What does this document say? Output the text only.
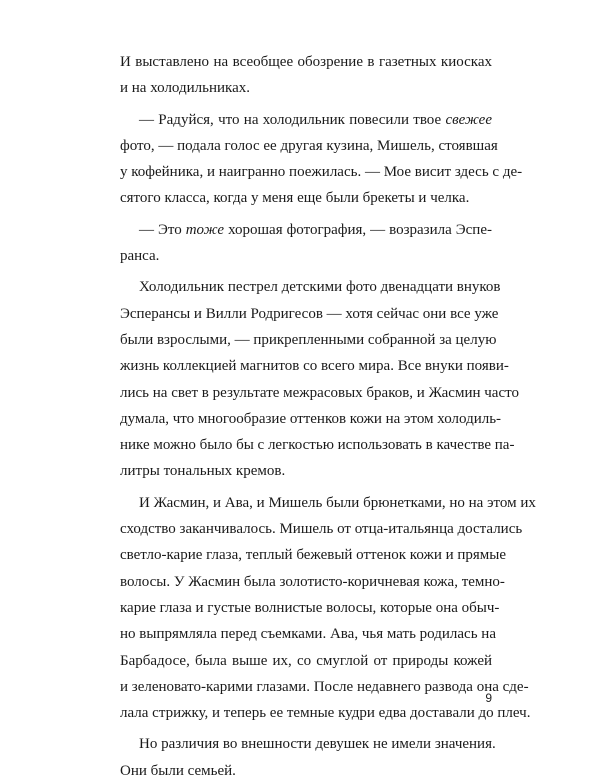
И выставлено на всеобщее обозрение в газетных киосках
и на холодильниках.
— Радуйся, что на холодильник повесили твое свежее
фото, — подала голос ее другая кузина, Мишель, стоявшая
у кофейника, и наигранно поежилась. — Мое висит здесь с де-
сятого класса, когда у меня еще были брекеты и челка.
— Это тоже хорошая фотография, — возразила Эспе-
ранса.
Холодильник пестрел детскими фото двенадцати внуков
Эсперансы и Вилли Родригесов — хотя сейчас они все уже
были взрослыми, — прикрепленными собранной за целую
жизнь коллекцией магнитов со всего мира. Все внуки появи-
лись на свет в результате межрасовых браков, и Жасмин часто
думала, что многообразие оттенков кожи на этом холодиль-
нике можно было бы с легкостью использовать в качестве па-
литры тональных кремов.
И Жасмин, и Ава, и Мишель были брюнетками, но на этом их
сходство заканчивалось. Мишель от отца-итальянца достались
светло-карие глаза, теплый бежевый оттенок кожи и прямые
волосы. У Жасмин была золотисто-коричневая кожа, темно-
карие глаза и густые волнистые волосы, которые она обыч-
но выпрямляла перед съемками. Ава, чья мать родилась на
Барбадосе, была выше их, со смуглой от природы кожей
и зеленовато-карими глазами. После недавнего развода она сде-
лала стрижку, и теперь ее темные кудри едва доставали до плеч.
Но различия во внешности девушек не имели значения.
Они были семьей.
9
